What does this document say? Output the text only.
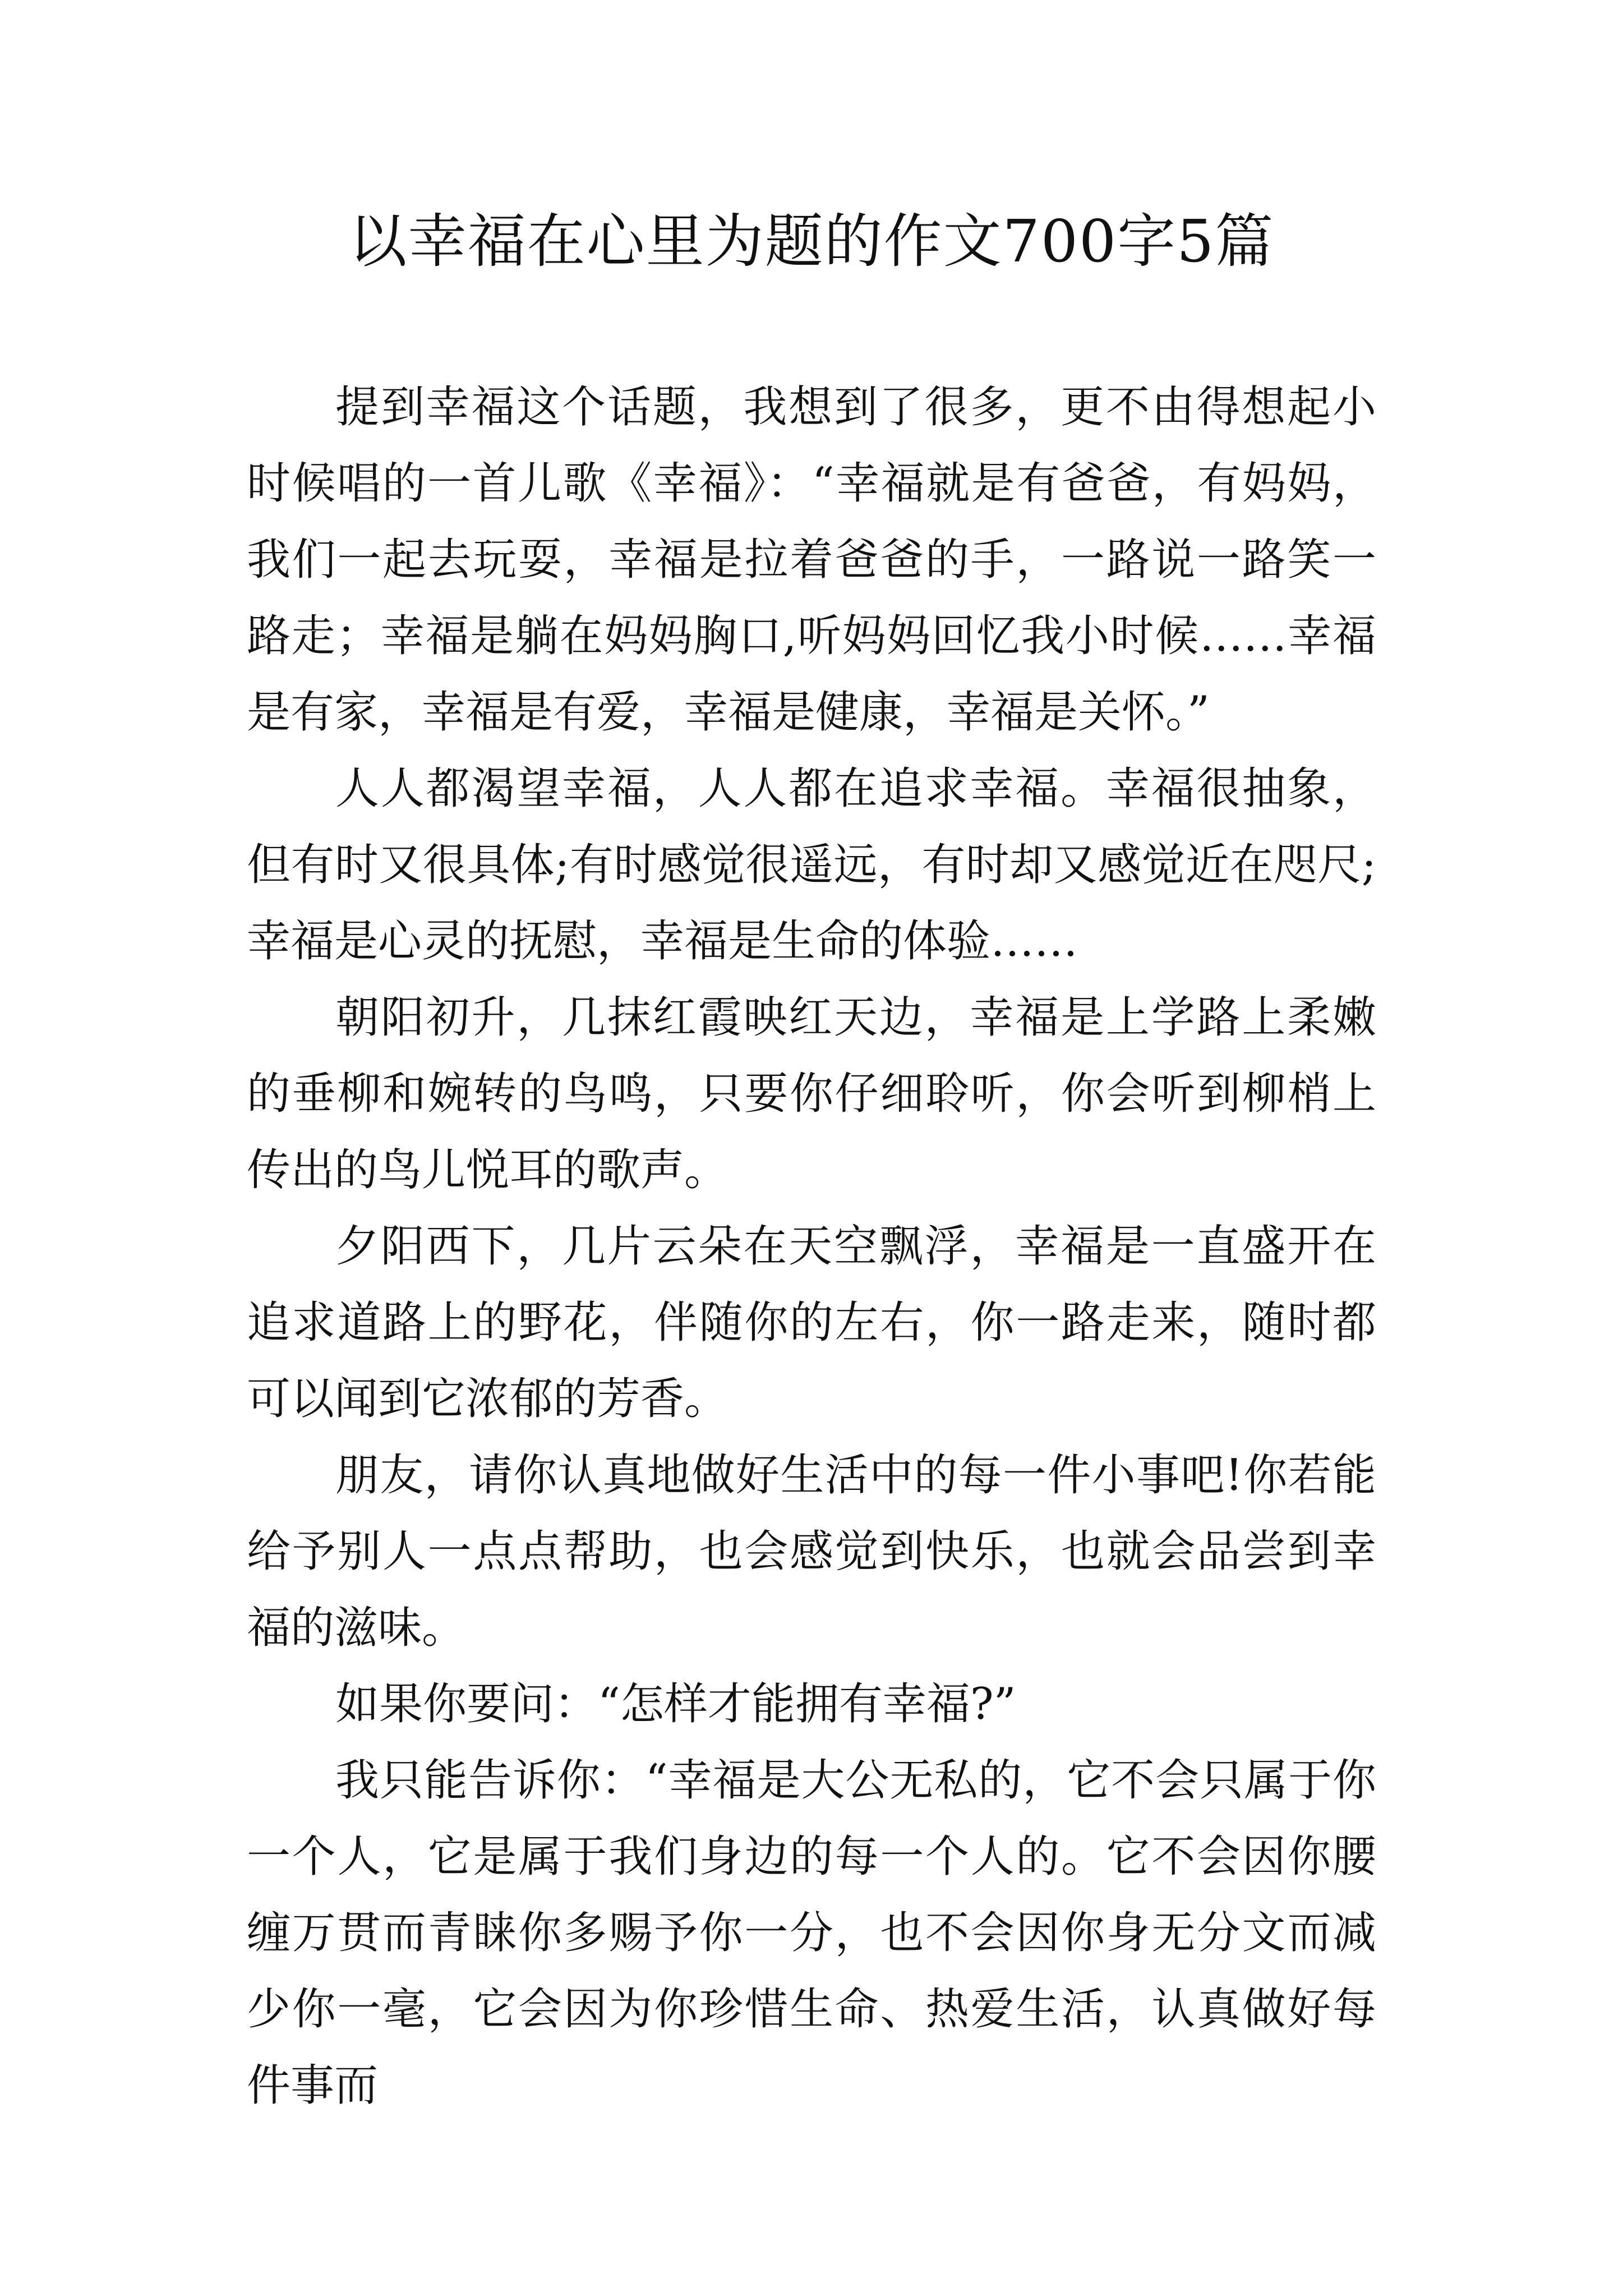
以幸福在心里为题的作文700字5篇

提到幸福这个话题，我想到了很多，更不由得想起小时候唱的一首儿歌《幸福》：“幸福就是有爸爸，有妈妈，我们一起去玩耍，幸福是拉着爸爸的手，一路说一路笑一路走；幸福是躺在妈妈胸口,听妈妈回忆我小时候……幸福是有家，幸福是有爱，幸福是健康，幸福是关怀。”

人人都渴望幸福，人人都在追求幸福。幸福很抽象，但有时又很具体;有时感觉很遥远，有时却又感觉近在咫尺;幸福是心灵的抚慰，幸福是生命的体验……

朝阳初升，几抹红霞映红天边，幸福是上学路上柔嫩的垂柳和婉转的鸟鸣，只要你仔细聆听，你会听到柳梢上传出的鸟儿悦耳的歌声。

夕阳西下，几片云朵在天空飘浮，幸福是一直盛开在追求道路上的野花，伴随你的左右，你一路走来，随时都可以闻到它浓郁的芳香。

朋友，请你认真地做好生活中的每一件小事吧!你若能给予别人一点点帮助，也会感觉到快乐，也就会品尝到幸福的滋味。

如果你要问：“怎样才能拥有幸福?”

我只能告诉你：“幸福是大公无私的，它不会只属于你一个人，它是属于我们身边的每一个人的。它不会因你腰缠万贯而青睐你多赐予你一分，也不会因你身无分文而减少你一毫，它会因为你珍惜生命、热爱生活，认真做好每件事而
